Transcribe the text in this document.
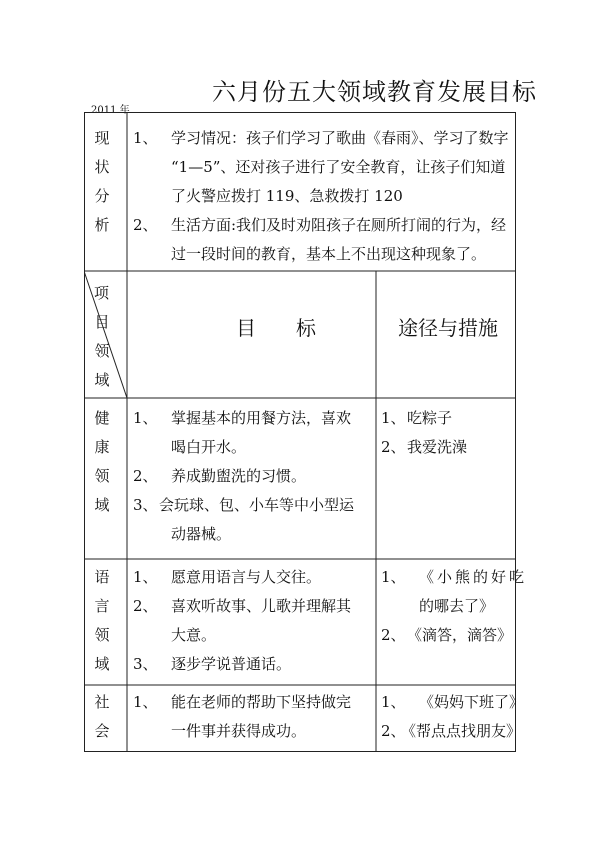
六月份五大领域教育发展目标
2011 年
现
状
分
析
1、 学习情况：孩子们学习了歌曲《春雨》、学习了数字
“1—5”、还对孩子进行了安全教育，让孩子们知道
了火警应拨打 119、急救拨打 120
2、 生活方面:我们及时劝阻孩子在厕所打闹的行为，经
过一段时间的教育，基本上不出现这种现象了。
项
目
领
域
目　　标	途径与措施
健
康
领
域
1、 掌握基本的用餐方法，喜欢
喝白开水。
2、 养成勤盥洗的习惯。
3、 会玩球、包、小车等中小型运
动器械。
1、 吃粽子
2、 我爱洗澡
语
言
领
域
1、 愿意用语言与人交往。
2、 喜欢听故事、儿歌并理解其
大意。
3、 逐步学说普通话。
1、 《小熊的好吃
的哪去了》
2、 《滴答，滴答》
社
会
1、 能在老师的帮助下坚持做完
一件事并获得成功。
1、 《妈妈下班了》
2、
《帮点点找朋友》
